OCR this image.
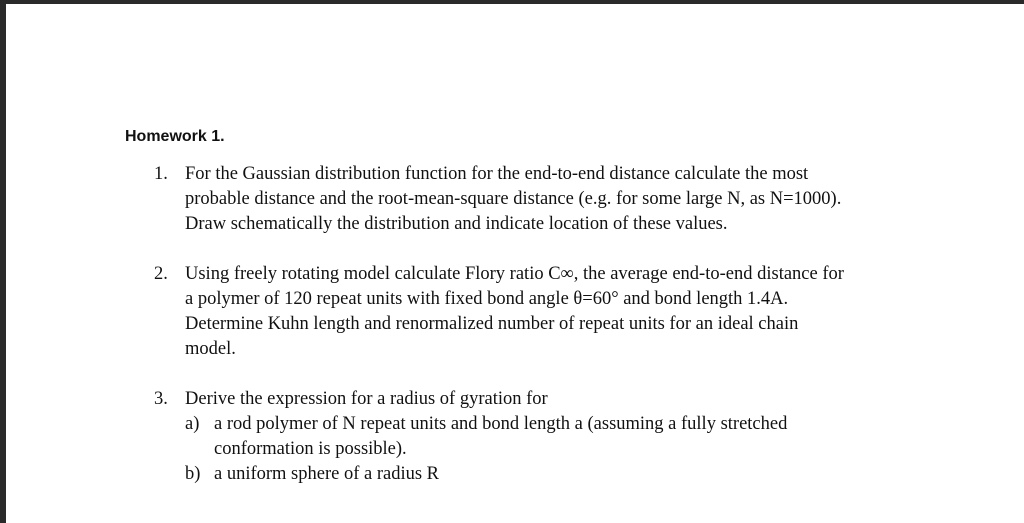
Homework 1.
1. For the Gaussian distribution function for the end-to-end distance calculate the most
probable distance and the root-mean-square distance (e.g. for some large N, as N=1000).
Draw schematically the distribution and indicate location of these values.
2. Using freely rotating model calculate Flory ratio C∞, the average end-to-end distance for
a polymer of 120 repeat units with fixed bond angle θ=60° and bond length 1.4A.
Determine Kuhn length and renormalized number of repeat units for an ideal chain
model.
3. Derive the expression for a radius of gyration for
a) a rod polymer of N repeat units and bond length a (assuming a fully stretched
conformation is possible).
b) a uniform sphere of a radius R
